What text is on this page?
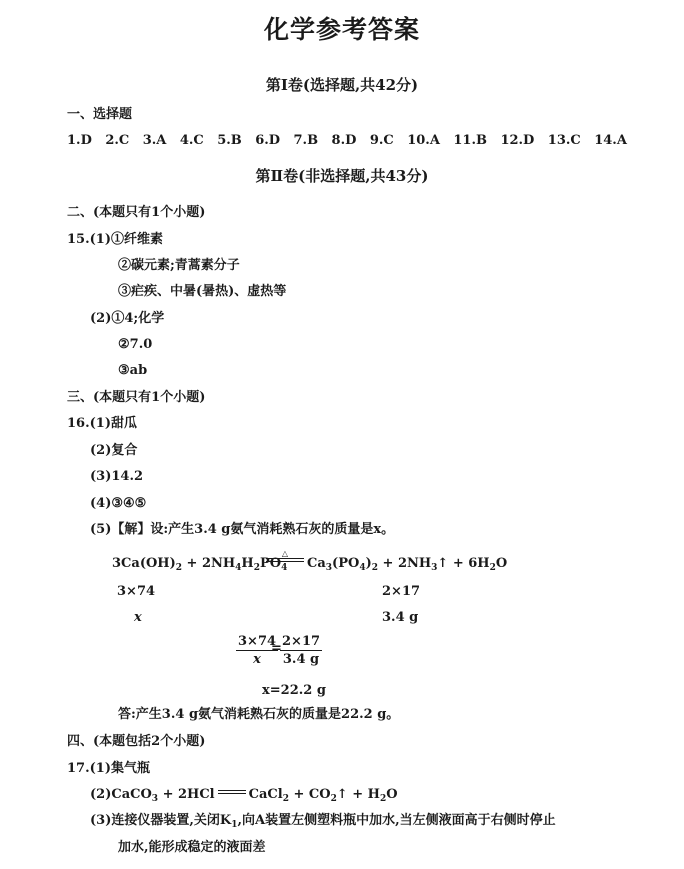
化学参考答案
第Ⅰ卷(选择题,共42分)
一、选择题
1.D 2.C 3.A 4.C 5.B 6.D 7.B 8.D 9.C 10.A 11.B 12.D 13.C 14.A
第Ⅱ卷(非选择题,共43分)
二、(本题只有1个小题)
15.(1)①纤维素
②碳元素;青蒿素分子
③疟疾、中暑(暑热)、虚热等
(2)①4;化学
②7.0
③ab
三、(本题只有1个小题)
16.(1)甜瓜
(2)复合
(3)14.2
(4)③④⑤
(5)【解】设:产生3.4 g氨气消耗熟石灰的质量是x。
$3Ca(OH)_2 + 2NH_4H_2PO_4$
△
$Ca_3(PO_4)_2$ + $2NH_3↑ + 6H_2O$
3×74	2×17
x	3.4 g
$\frac{3\times 74}{x}$
=
$\frac{2\times 17}{3.4 g}$
x=22.2 g
答:产生3.4 g氨气消耗熟石灰的质量是22.2 g。
四、(本题包括2个小题)
17.(1)集气瓶
(2)CaCO$_3$ + 2HCl	CaCl$_2$ + $CO_2↑ + H_2O$
(3)连接仪器装置,关闭$K_1$,向A装置左侧塑料瓶中加水,当左侧液面高于右侧时停止
加水,能形成稳定的液面差
